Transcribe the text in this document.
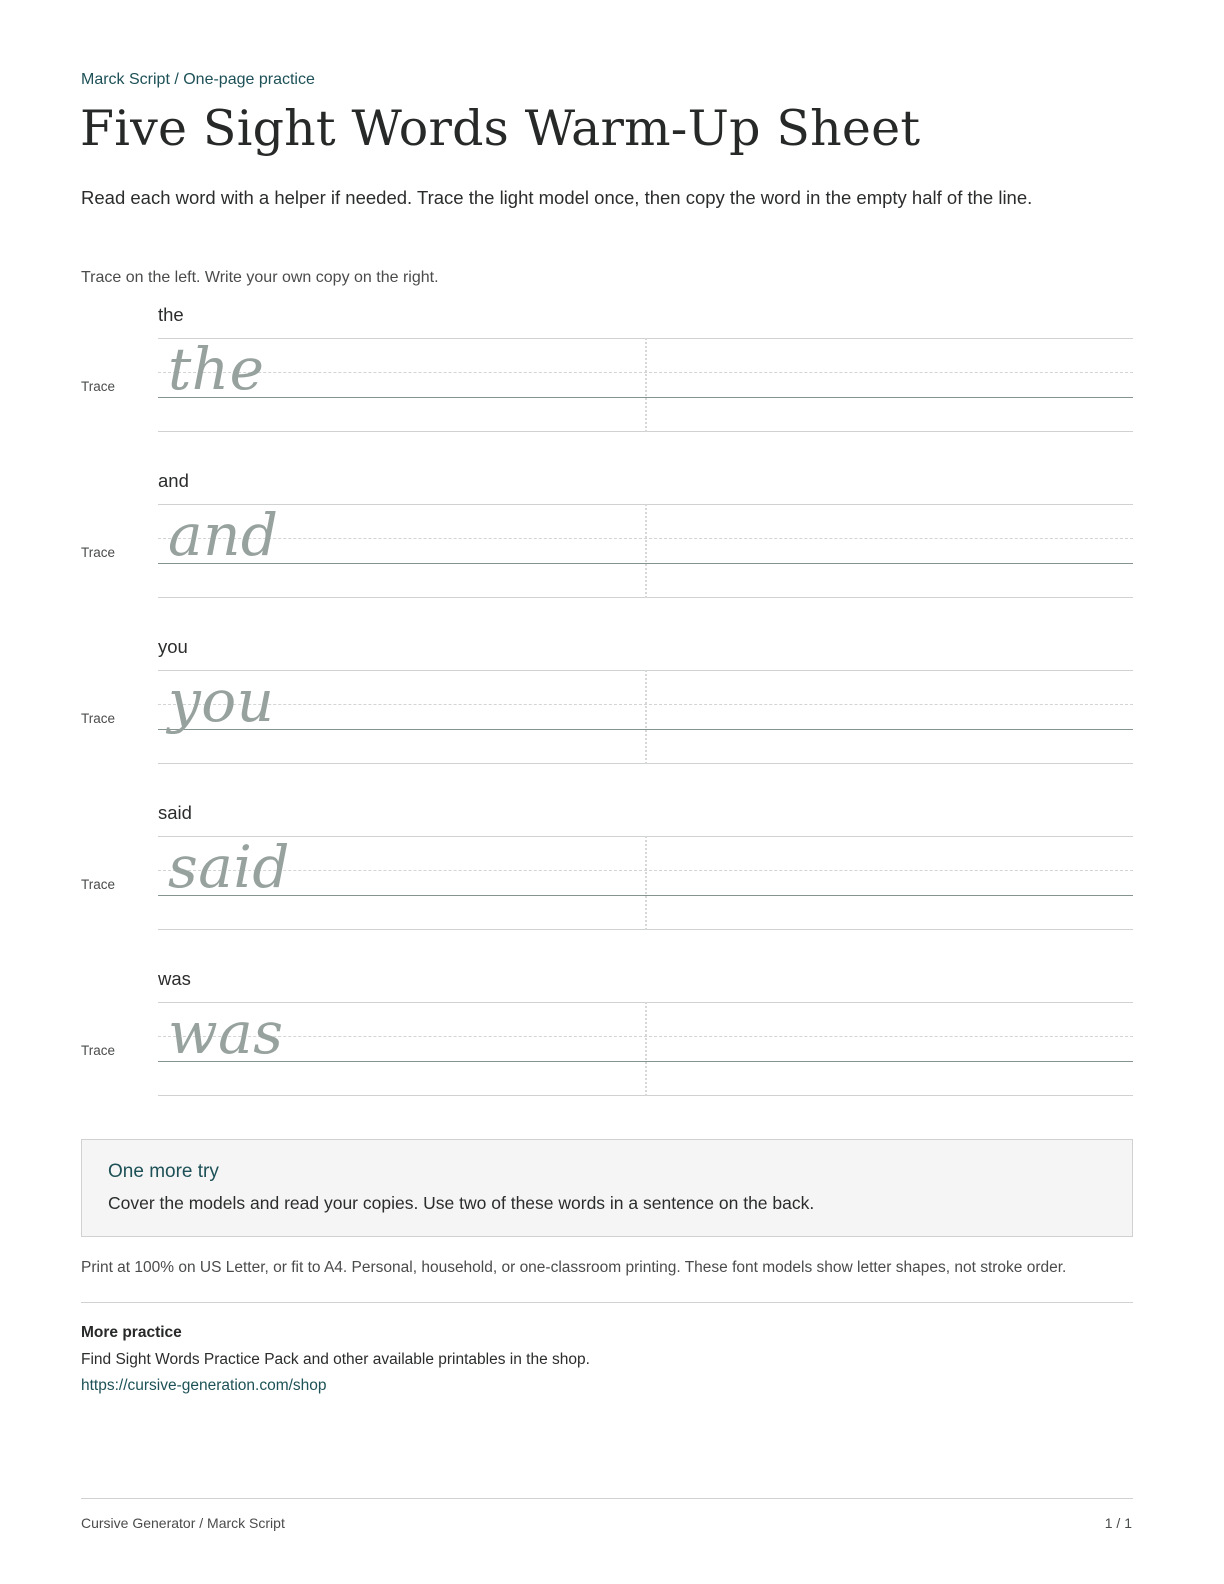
Marck Script / One-page practice
Five Sight Words Warm-Up Sheet

Read each word with a helper if needed. Trace the light model once, then copy the word in the empty half of the line.

Trace on the left. Write your own copy on the right.

the
Trace the
and
Trace and
you
Trace you
said
Trace said
was
Trace was
One more try
Cover the models and read your copies. Use two of these words in a sentence on the back.

Print at 100% on US Letter, or fit to A4. Personal, household, or one-classroom printing. These font models show letter shapes, not stroke order.

More practice
Find Sight Words Practice Pack and other available printables in the shop.
https://cursive-generation.com/shop
Cursive Generator / Marck Script	1 / 1
